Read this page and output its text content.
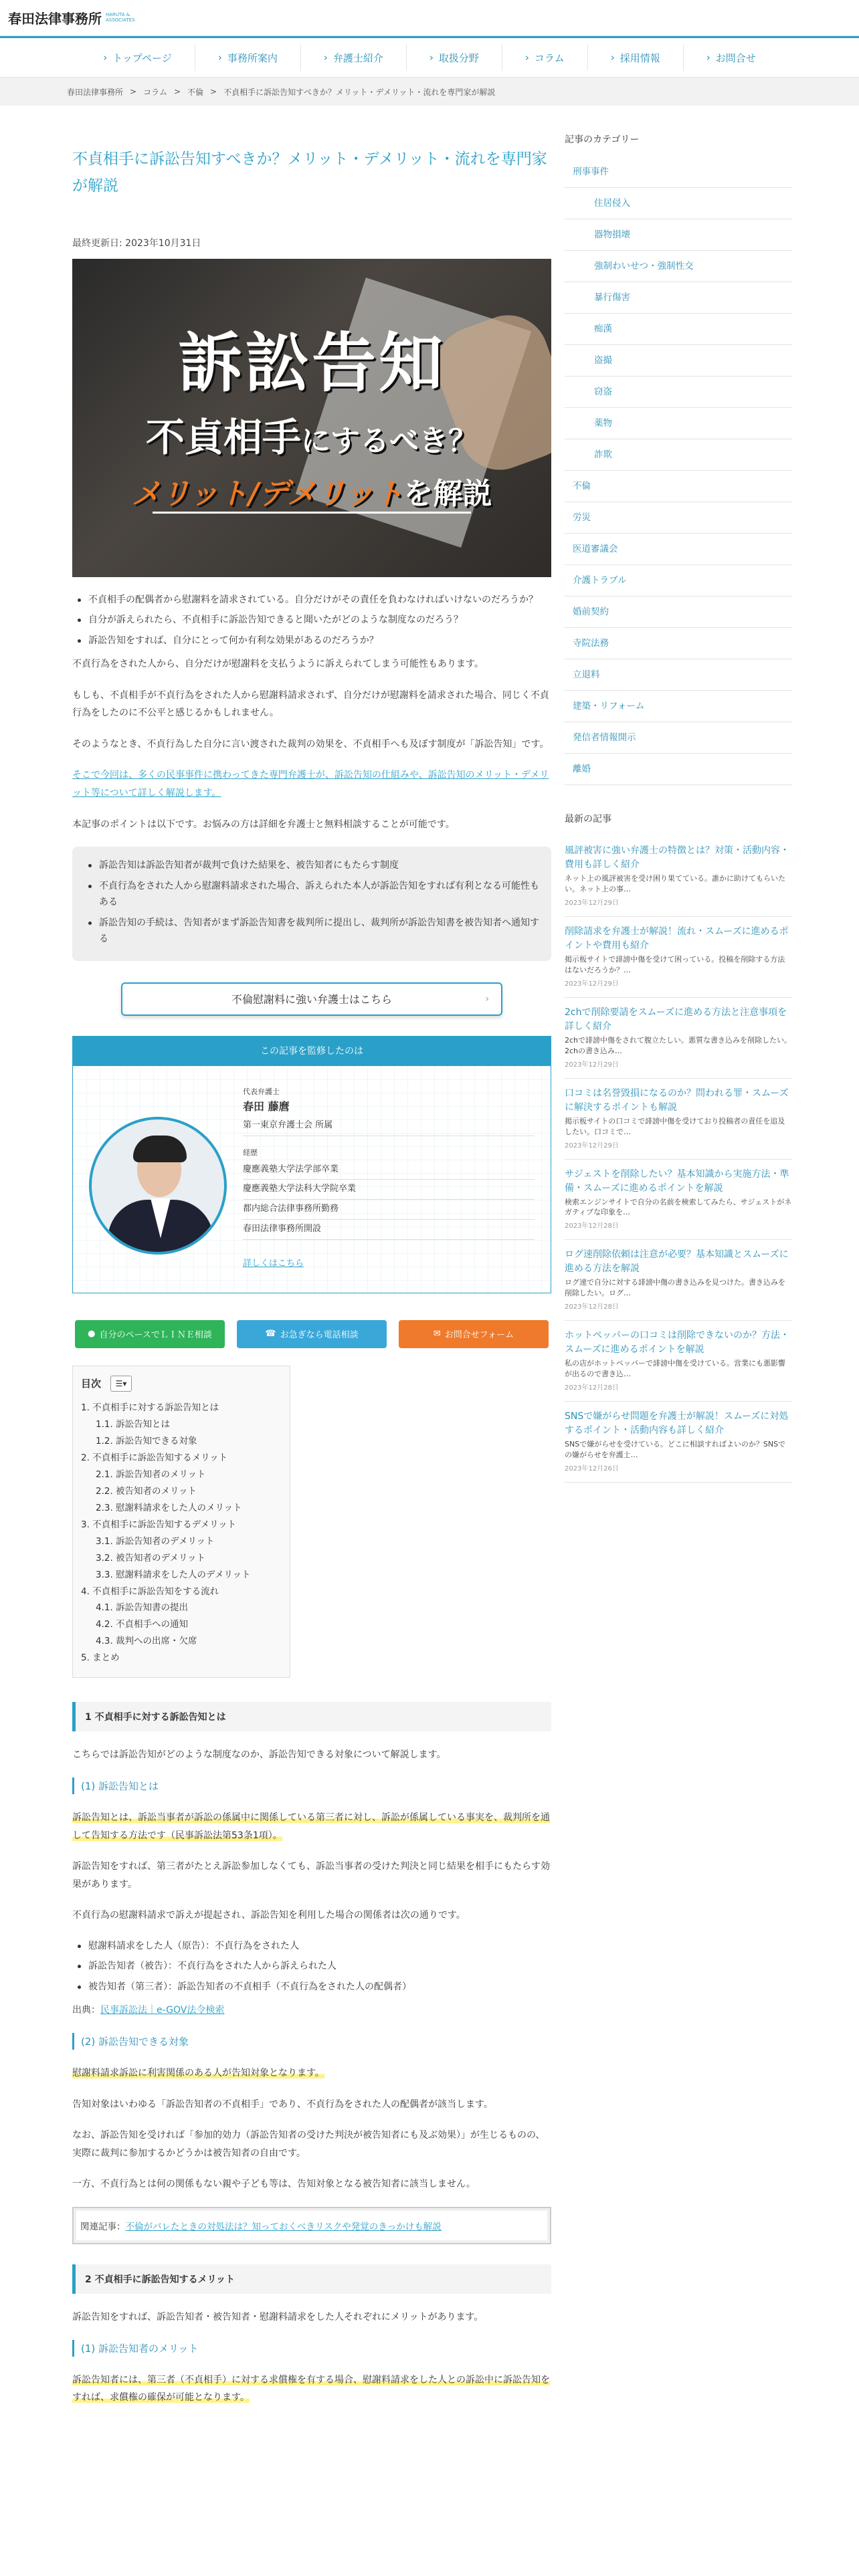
春田法律事務所 HARUTA & ASSOCIATES
› トップページ	› 事務所案内	› 弁護士紹介	› 取扱分野	› コラム	› 採用情報	› お問合せ
春田法律事務所 > コラム > 不倫 > 不貞相手に訴訟告知すべきか？メリット・デメリット・流れを専門家が解説
不貞相手に訴訟告知すべきか？メリット・デメリット・流れを専門家が解説
最終更新日: 2023年10月31日
訴訟告知
不貞相手にするべき？
メリット/デメリットを解説
不貞相手の配偶者から慰謝料を請求されている。自分だけがその責任を負わなければいけないのだろうか？
自分が訴えられたら、不貞相手に訴訟告知できると聞いたがどのような制度なのだろう？
訴訟告知をすれば、自分にとって何か有利な効果があるのだろうか？

不貞行為をされた人から、自分だけが慰謝料を支払うように訴えられてしまう可能性もあります。

もしも、不貞相手が不貞行為をされた人から慰謝料請求されず、自分だけが慰謝料を請求された場合、同じく不貞行為をしたのに不公平と感じるかもしれません。

そのようなとき、不貞行為した自分に言い渡された裁判の効果を、不貞相手へも及ぼす制度が「訴訟告知」です。

そこで今回は、多くの民事事件に携わってきた専門弁護士が、訴訟告知の仕組みや、訴訟告知のメリット・デメリット等について詳しく解説します。

本記事のポイントは以下です。お悩みの方は詳細を弁護士と無料相談することが可能です。

訴訟告知は訴訟告知者が裁判で負けた結果を、被告知者にもたらす制度
不貞行為をされた人から慰謝料請求された場合、訴えられた本人が訴訟告知をすれば有利となる可能性もある
訴訟告知の手続は、告知者がまず訴訟告知書を裁判所に提出し、裁判所が訴訟告知書を被告知者へ通知する
不倫慰謝料に強い弁護士はこちら	›
この記事を監修したのは
代表弁護士
春田 藤麿
第一東京弁護士会 所属
経歴
慶應義塾大学法学部卒業
慶應義塾大学法科大学院卒業
都内総合法律事務所勤務
春田法律事務所開設
詳しくはこちら
● 自分のペースでＬＩＮＥ相談	☎ お急ぎなら電話相談	✉ お問合せフォーム
目次	☰▾
1. 不貞相手に対する訴訟告知とは
1.1. 訴訟告知とは
1.2. 訴訟告知できる対象
2. 不貞相手に訴訟告知するメリット
2.1. 訴訟告知者のメリット
2.2. 被告知者のメリット
2.3. 慰謝料請求をした人のメリット
3. 不貞相手に訴訟告知するデメリット
3.1. 訴訟告知者のデメリット
3.2. 被告知者のデメリット
3.3. 慰謝料請求をした人のデメリット
4. 不貞相手に訴訟告知をする流れ
4.1. 訴訟告知書の提出
4.2. 不貞相手への通知
4.3. 裁判への出席・欠席
5. まとめ
1 不貞相手に対する訴訟告知とは

こちらでは訴訟告知がどのような制度なのか、訴訟告知できる対象について解説します。

(1) 訴訟告知とは

訴訟告知とは、訴訟当事者が訴訟の係属中に関係している第三者に対し、訴訟が係属している事実を、裁判所を通して告知する方法です（民事訴訟法第53条1項）。

訴訟告知をすれば、第三者がたとえ訴訟参加しなくても、訴訟当事者の受けた判決と同じ結果を相手にもたらす効果があります。

不貞行為の慰謝料請求で訴えが提起され、訴訟告知を利用した場合の関係者は次の通りです。

慰謝料請求をした人（原告）：不貞行為をされた人
訴訟告知者（被告）：不貞行為をされた人から訴えられた人
被告知者（第三者）：訴訟告知者の不貞相手（不貞行為をされた人の配偶者）

出典：民事訴訟法｜e-GOV法令検索

(2) 訴訟告知できる対象

慰謝料請求訴訟に利害関係のある人が告知対象となります。

告知対象はいわゆる「訴訟告知者の不貞相手」であり、不貞行為をされた人の配偶者が該当します。

なお、訴訟告知を受ければ「参加的効力（訴訟告知者の受けた判決が被告知者にも及ぶ効果）」が生じるものの、実際に裁判に参加するかどうかは被告知者の自由です。

一方、不貞行為とは何の関係もない親や子ども等は、告知対象となる被告知者に該当しません。

関連記事：不倫がバレたときの対処法は？知っておくべきリスクや発覚のきっかけも解説
2 不貞相手に訴訟告知するメリット

訴訟告知をすれば、訴訟告知者・被告知者・慰謝料請求をした人それぞれにメリットがあります。

(1) 訴訟告知者のメリット

訴訟告知者には、第三者（不貞相手）に対する求償権を有する場合、慰謝料請求をした人との訴訟中に訴訟告知をすれば、求償権の確保が可能となります。

記事のカテゴリー
刑事事件
住居侵入
器物損壊
強制わいせつ・強制性交
暴行傷害
痴漢
盗撮
窃盗
薬物
詐欺
不倫
労災
医道審議会
介護トラブル
婚前契約
寺院法務
立退料
建築・リフォーム
発信者情報開示
離婚
最新の記事
風評被害に強い弁護士の特徴とは？対策・活動内容・費用も詳しく紹介
ネット上の風評被害を受け困り果てている。誰かに助けてもらいたい。ネット上の事…
2023年12月29日
削除請求を弁護士が解説！流れ・スムーズに進めるポイントや費用も紹介
掲示板サイトで誹謗中傷を受けて困っている。投稿を削除する方法はないだろうか？…
2023年12月29日
2chで削除要請をスムーズに進める方法と注意事項を詳しく紹介
2chで誹謗中傷をされて腹立たしい。悪質な書き込みを削除したい。2chの書き込み…
2023年12月29日
口コミは名誉毀損になるのか？問われる罪・スムーズに解決するポイントも解説
掲示板サイトの口コミで誹謗中傷を受けており投稿者の責任を追及したい。口コミで…
2023年12月29日
サジェストを削除したい？基本知識から実施方法・準備・スムーズに進めるポイントを解説
検索エンジンサイトで自分の名前を検索してみたら、サジェストがネガティブな印象を…
2023年12月28日
ログ速削除依頼は注意が必要？基本知識とスムーズに進める方法を解説
ログ速で自分に対する誹謗中傷の書き込みを見つけた。書き込みを削除したい。ログ…
2023年12月28日
ホットペッパーの口コミは削除できないのか？方法・スムーズに進めるポイントを解説
私の店がホットペッパーで誹謗中傷を受けている。営業にも悪影響が出るので書き込…
2023年12月28日
SNSで嫌がらせ問題を弁護士が解説！スムーズに対処するポイント・活動内容も詳しく紹介
SNSで嫌がらせを受けている。どこに相談すればよいのか？SNSでの嫌がらせを弁護士…
2023年12月26日
